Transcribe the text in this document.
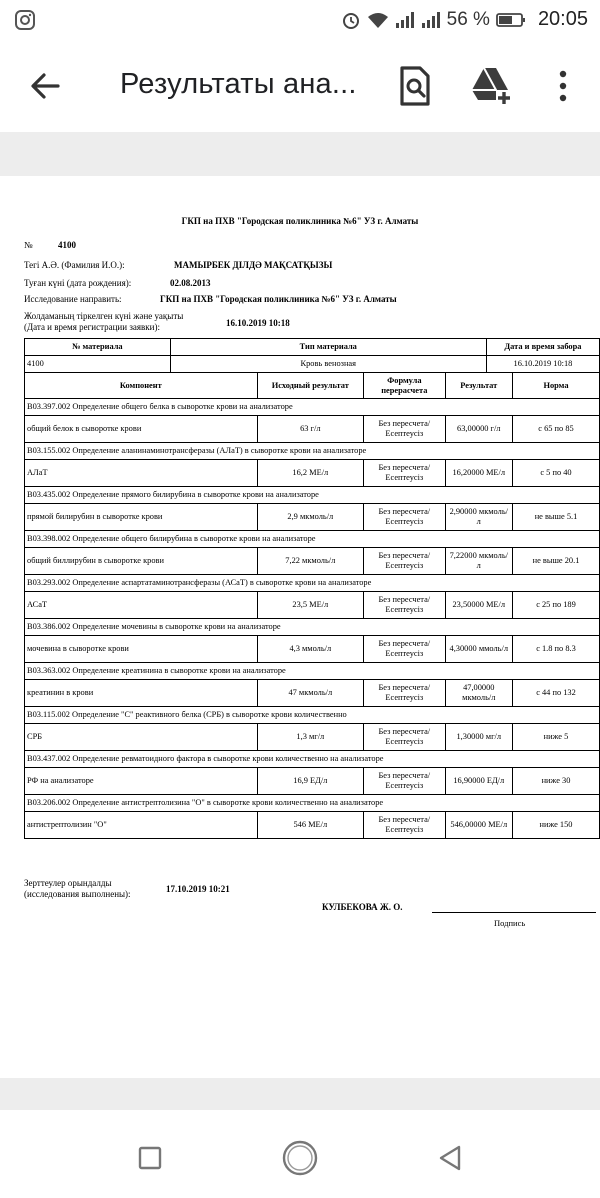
56 % 20:05
Результаты ана...
ГКП на ПХВ "Городская поликлиника №6" УЗ г. Алматы
№	4100
Тегі А.Ә. (Фамилия И.О.):	МАМЫРБЕК ДІЛДӘ МАҚСАТҚЫЗЫ
Туған күні (дата рождения):	02.08.2013
Исследование направить:	ГКП на ПХВ "Городская поликлиника №6" УЗ г. Алматы
Жолдаманың тіркелген күні және уақыты
(Дата и время регистрации заявки):	16.10.2019 10:18
№ материала	Тип материала				Дата и время забора	
4100	Кровь венозная				16.10.2019 10:18	
Компонент		Исходный результат	Формула перерасчета	Результат		Норма
B03.397.002 Определение общего белка в сыворотке крови на анализаторе						
общий белок в сыворотке крови		63 г/л	Без пересчета/
Есептеусіз	63,00000 г/л		с 65 по 85
B03.155.002 Определение аланинаминотрансферазы (АЛаТ) в сыворотке крови на анализаторе						
АЛаТ		16,2 МЕ/л	Без пересчета/
Есептеусіз	16,20000 МЕ/л		с 5 по 40
B03.435.002 Определение прямого билирубина в сыворотке крови на анализаторе						
прямой билирубин в сыворотке крови		2,9 мкмоль/л	Без пересчета/
Есептеусіз	2,90000 мкмоль/л		не выше 5.1
B03.398.002 Определение общего билирубина в сыворотке крови на анализаторе						
общий биллирубин в сыворотке крови		7,22 мкмоль/л	Без пересчета/
Есептеусіз	7,22000 мкмоль/л		не выше 20.1
B03.293.002 Определение аспартатаминотрансферазы (АСаТ) в сыворотке крови на анализаторе						
АСаТ		23,5 МЕ/л	Без пересчета/
Есептеусіз	23,50000 МЕ/л		с 25 по 189
B03.386.002 Определение мочевины в сыворотке крови на анализаторе						
мочевина в сыворотке крови		4,3 ммоль/л	Без пересчета/
Есептеусіз	4,30000 ммоль/л		с 1.8 по 8.3
B03.363.002 Определение креатинина в сыворотке крови на анализаторе						
креатинин в крови		47 мкмоль/л	Без пересчета/
Есептеусіз	47,00000 мкмоль/л		с 44 по 132
B03.115.002 Определение "С" реактивного белка (СРБ) в сыворотке крови количественно						
СРБ		1,3 мг/л	Без пересчета/
Есептеусіз	1,30000 мг/л		ниже 5
B03.437.002 Определение ревматоидного фактора в сыворотке крови количественно на анализаторе						
РФ на анализаторе		16,9 ЕД/л	Без пересчета/
Есептеусіз	16,90000 ЕД/л		ниже 30
B03.206.002 Определение антистрептолизина "О" в сыворотке крови количественно на анализаторе						
антистрептолизин "О"		546 МЕ/л	Без пересчета/
Есептеусіз	546,00000 МЕ/л		ниже 150
Зерттеулер орындалды
(исследования выполнены):	17.10.2019 10:21
КУЛБЕКОВА Ж. О.
Подпись
